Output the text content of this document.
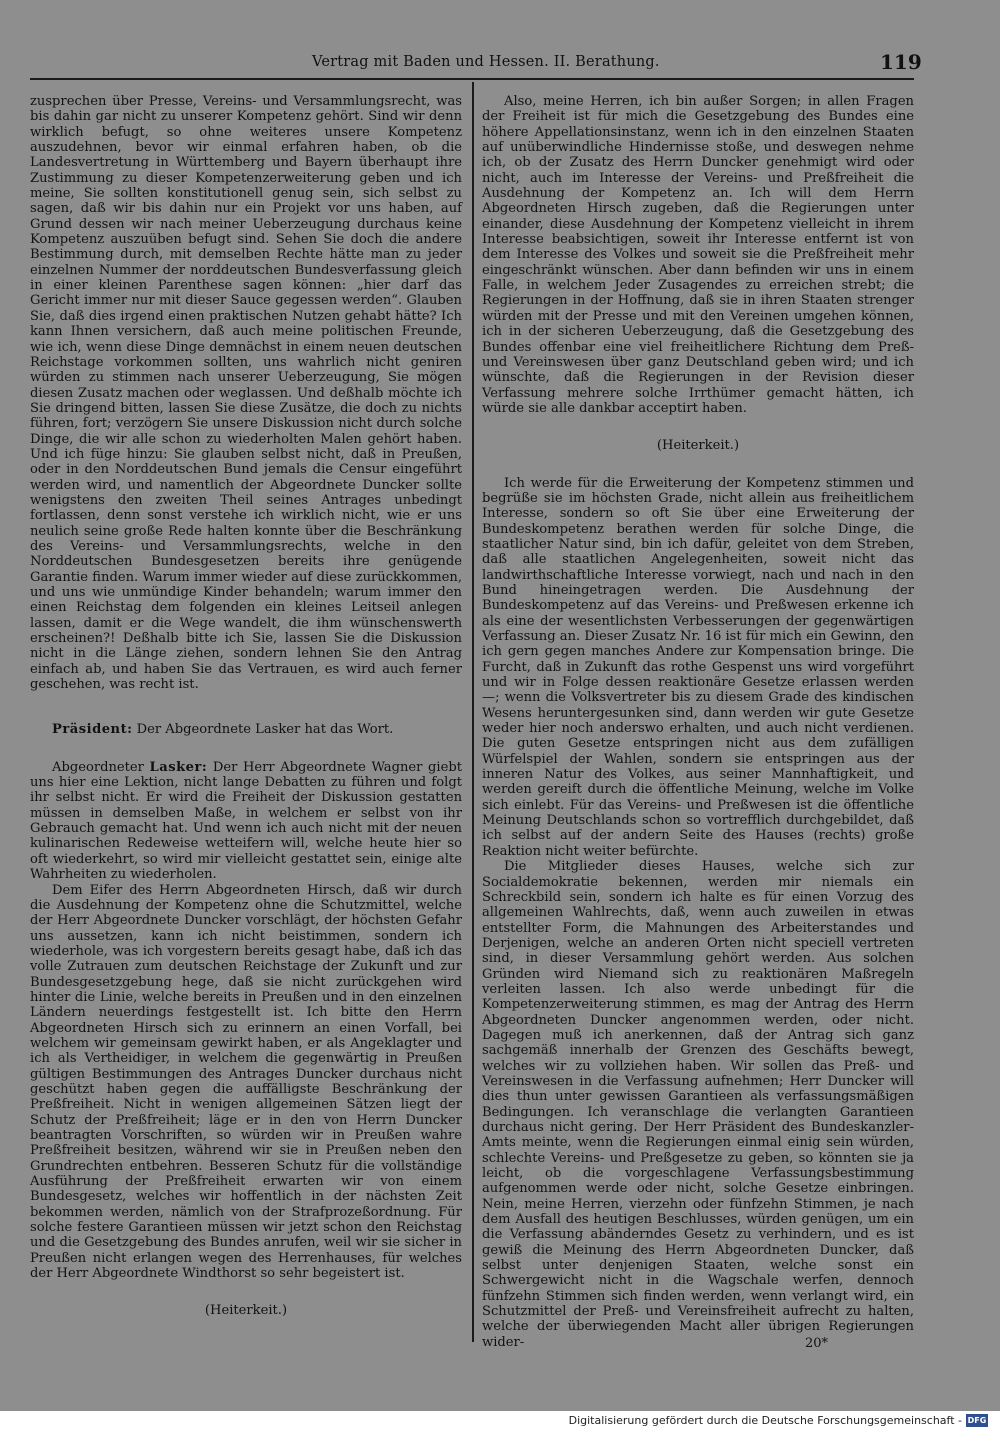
Vertrag mit Baden und Hessen. II. Berathung.	119

zusprechen über Presse, Vereins- und Versammlungsrecht, was bis dahin gar nicht zu unserer Kompetenz gehört. Sind wir denn wirklich befugt, so ohne weiteres unsere Kompetenz auszudehnen, bevor wir einmal erfahren haben, ob die Landesvertretung in Württemberg und Bayern überhaupt ihre Zustimmung zu dieser Kompetenzerweiterung geben und ich meine, Sie sollten konstitutionell genug sein, sich selbst zu sagen, daß wir bis dahin nur ein Projekt vor uns haben, auf Grund dessen wir nach meiner Ueberzeugung durchaus keine Kompetenz auszuüben befugt sind. Sehen Sie doch die andere Bestimmung durch, mit demselben Rechte hätte man zu jeder einzelnen Nummer der norddeutschen Bundesverfassung gleich in einer kleinen Parenthese sagen können: „hier darf das Gericht immer nur mit dieser Sauce gegessen werden“. Glauben Sie, daß dies irgend einen praktischen Nutzen gehabt hätte? Ich kann Ihnen versichern, daß auch meine politischen Freunde, wie ich, wenn diese Dinge demnächst in einem neuen deutschen Reichstage vorkommen sollten, uns wahrlich nicht geniren würden zu stimmen nach unserer Ueberzeugung, Sie mögen diesen Zusatz machen oder weglassen. Und deßhalb möchte ich Sie dringend bitten, lassen Sie diese Zusätze, die doch zu nichts führen, fort; verzögern Sie unsere Diskussion nicht durch solche Dinge, die wir alle schon zu wiederholten Malen gehört haben. Und ich füge hinzu: Sie glauben selbst nicht, daß in Preußen, oder in den Norddeutschen Bund jemals die Censur eingeführt werden wird, und namentlich der Abgeordnete Duncker sollte wenigstens den zweiten Theil seines Antrages unbedingt fortlassen, denn sonst verstehe ich wirklich nicht, wie er uns neulich seine große Rede halten konnte über die Beschränkung des Vereins- und Versammlungsrechts, welche in den Norddeutschen Bundesgesetzen bereits ihre genügende Garantie finden. Warum immer wieder auf diese zurückkommen, und uns wie unmündige Kinder behandeln; warum immer den einen Reichstag dem folgenden ein kleines Leitseil anlegen lassen, damit er die Wege wandelt, die ihm wünschenswerth erscheinen?! Deßhalb bitte ich Sie, lassen Sie die Diskussion nicht in die Länge ziehen, sondern lehnen Sie den Antrag einfach ab, und haben Sie das Vertrauen, es wird auch ferner geschehen, was recht ist.

Präsident: Der Abgeordnete Lasker hat das Wort.

Abgeordneter Lasker: Der Herr Abgeordnete Wagner giebt uns hier eine Lektion, nicht lange Debatten zu führen und folgt ihr selbst nicht. Er wird die Freiheit der Diskussion gestatten müssen in demselben Maße, in welchem er selbst von ihr Gebrauch gemacht hat. Und wenn ich auch nicht mit der neuen kulinarischen Redeweise wetteifern will, welche heute hier so oft wiederkehrt, so wird mir vielleicht gestattet sein, einige alte Wahrheiten zu wiederholen.

Dem Eifer des Herrn Abgeordneten Hirsch, daß wir durch die Ausdehnung der Kompetenz ohne die Schutzmittel, welche der Herr Abgeordnete Duncker vorschlägt, der höchsten Gefahr uns aussetzen, kann ich nicht beistimmen, sondern ich wiederhole, was ich vorgestern bereits gesagt habe, daß ich das volle Zutrauen zum deutschen Reichstage der Zukunft und zur Bundesgesetzgebung hege, daß sie nicht zurückgehen wird hinter die Linie, welche bereits in Preußen und in den einzelnen Ländern neuerdings festgestellt ist. Ich bitte den Herrn Abgeordneten Hirsch sich zu erinnern an einen Vorfall, bei welchem wir gemeinsam gewirkt haben, er als Angeklagter und ich als Vertheidiger, in welchem die gegenwärtig in Preußen gültigen Bestimmungen des Antrages Duncker durchaus nicht geschützt haben gegen die auffälligste Beschränkung der Preßfreiheit. Nicht in wenigen allgemeinen Sätzen liegt der Schutz der Preßfreiheit; läge er in den von Herrn Duncker beantragten Vorschriften, so würden wir in Preußen wahre Preßfreiheit besitzen, während wir sie in Preußen neben den Grundrechten entbehren. Besseren Schutz für die vollständige Ausführung der Preßfreiheit erwarten wir von einem Bundesgesetz, welches wir hoffentlich in der nächsten Zeit bekommen werden, nämlich von der Strafprozeßordnung. Für solche festere Garantieen müssen wir jetzt schon den Reichstag und die Gesetzgebung des Bundes anrufen, weil wir sie sicher in Preußen nicht erlangen wegen des Herrenhauses, für welches der Herr Abgeordnete Windthorst so sehr begeistert ist.

(Heiterkeit.)

Also, meine Herren, ich bin außer Sorgen; in allen Fragen der Freiheit ist für mich die Gesetzgebung des Bundes eine höhere Appellationsinstanz, wenn ich in den einzelnen Staaten auf unüberwindliche Hindernisse stoße, und deswegen nehme ich, ob der Zusatz des Herrn Duncker genehmigt wird oder nicht, auch im Interesse der Vereins- und Preßfreiheit die Ausdehnung der Kompetenz an. Ich will dem Herrn Abgeordneten Hirsch zugeben, daß die Regierungen unter einander, diese Ausdehnung der Kompetenz vielleicht in ihrem Interesse beabsichtigen, soweit ihr Interesse entfernt ist von dem Interesse des Volkes und soweit sie die Preßfreiheit mehr eingeschränkt wünschen. Aber dann befinden wir uns in einem Falle, in welchem Jeder Zusagendes zu erreichen strebt; die Regierungen in der Hoffnung, daß sie in ihren Staaten strenger würden mit der Presse und mit den Vereinen umgehen können, ich in der sicheren Ueberzeugung, daß die Gesetzgebung des Bundes offenbar eine viel freiheitlichere Richtung dem Preß- und Vereinswesen über ganz Deutschland geben wird; und ich wünschte, daß die Regierungen in der Revision dieser Verfassung mehrere solche Irrthümer gemacht hätten, ich würde sie alle dankbar acceptirt haben.

(Heiterkeit.)

Ich werde für die Erweiterung der Kompetenz stimmen und begrüße sie im höchsten Grade, nicht allein aus freiheitlichem Interesse, sondern so oft Sie über eine Erweiterung der Bundeskompetenz berathen werden für solche Dinge, die staatlicher Natur sind, bin ich dafür, geleitet von dem Streben, daß alle staatlichen Angelegenheiten, soweit nicht das landwirthschaftliche Interesse vorwiegt, nach und nach in den Bund hineingetragen werden. Die Ausdehnung der Bundeskompetenz auf das Vereins- und Preßwesen erkenne ich als eine der wesentlichsten Verbesserungen der gegenwärtigen Verfassung an. Dieser Zusatz Nr. 16 ist für mich ein Gewinn, den ich gern gegen manches Andere zur Kompensation bringe. Die Furcht, daß in Zukunft das rothe Gespenst uns wird vorgeführt und wir in Folge dessen reaktionäre Gesetze erlassen werden —; wenn die Volksvertreter bis zu diesem Grade des kindischen Wesens heruntergesunken sind, dann werden wir gute Gesetze weder hier noch anderswo erhalten, und auch nicht verdienen. Die guten Gesetze entspringen nicht aus dem zufälligen Würfelspiel der Wahlen, sondern sie entspringen aus der inneren Natur des Volkes, aus seiner Mannhaftigkeit, und werden gereift durch die öffentliche Meinung, welche im Volke sich einlebt. Für das Vereins- und Preßwesen ist die öffentliche Meinung Deutschlands schon so vortrefflich durchgebildet, daß ich selbst auf der andern Seite des Hauses (rechts) große Reaktion nicht weiter befürchte.

Die Mitglieder dieses Hauses, welche sich zur Socialdemokratie bekennen, werden mir niemals ein Schreckbild sein, sondern ich halte es für einen Vorzug des allgemeinen Wahlrechts, daß, wenn auch zuweilen in etwas entstellter Form, die Mahnungen des Arbeiterstandes und Derjenigen, welche an anderen Orten nicht speciell vertreten sind, in dieser Versammlung gehört werden. Aus solchen Gründen wird Niemand sich zu reaktionären Maßregeln verleiten lassen. Ich also werde unbedingt für die Kompetenzerweiterung stimmen, es mag der Antrag des Herrn Abgeordneten Duncker angenommen werden, oder nicht. Dagegen muß ich anerkennen, daß der Antrag sich ganz sachgemäß innerhalb der Grenzen des Geschäfts bewegt, welches wir zu vollziehen haben. Wir sollen das Preß- und Vereinswesen in die Verfassung aufnehmen; Herr Duncker will dies thun unter gewissen Garantieen als verfassungsmäßigen Bedingungen. Ich veranschlage die verlangten Garantieen durchaus nicht gering. Der Herr Präsident des Bundeskanzler-Amts meinte, wenn die Regierungen einmal einig sein würden, schlechte Vereins- und Preßgesetze zu geben, so könnten sie ja leicht, ob die vorgeschlagene Verfassungsbestimmung aufgenommen werde oder nicht, solche Gesetze einbringen. Nein, meine Herren, vierzehn oder fünfzehn Stimmen, je nach dem Ausfall des heutigen Beschlusses, würden genügen, um ein die Verfassung abänderndes Gesetz zu verhindern, und es ist gewiß die Meinung des Herrn Abgeordneten Duncker, daß selbst unter denjenigen Staaten, welche sonst ein Schwergewicht nicht in die Wagschale werfen, dennoch fünfzehn Stimmen sich finden werden, wenn verlangt wird, ein Schutzmittel der Preß- und Vereinsfreiheit aufrecht zu halten, welche der überwiegenden Macht aller übrigen Regierungen wider-	20*
Digitalisierung gefördert durch die Deutsche Forschungsgemeinschaft - DFG
